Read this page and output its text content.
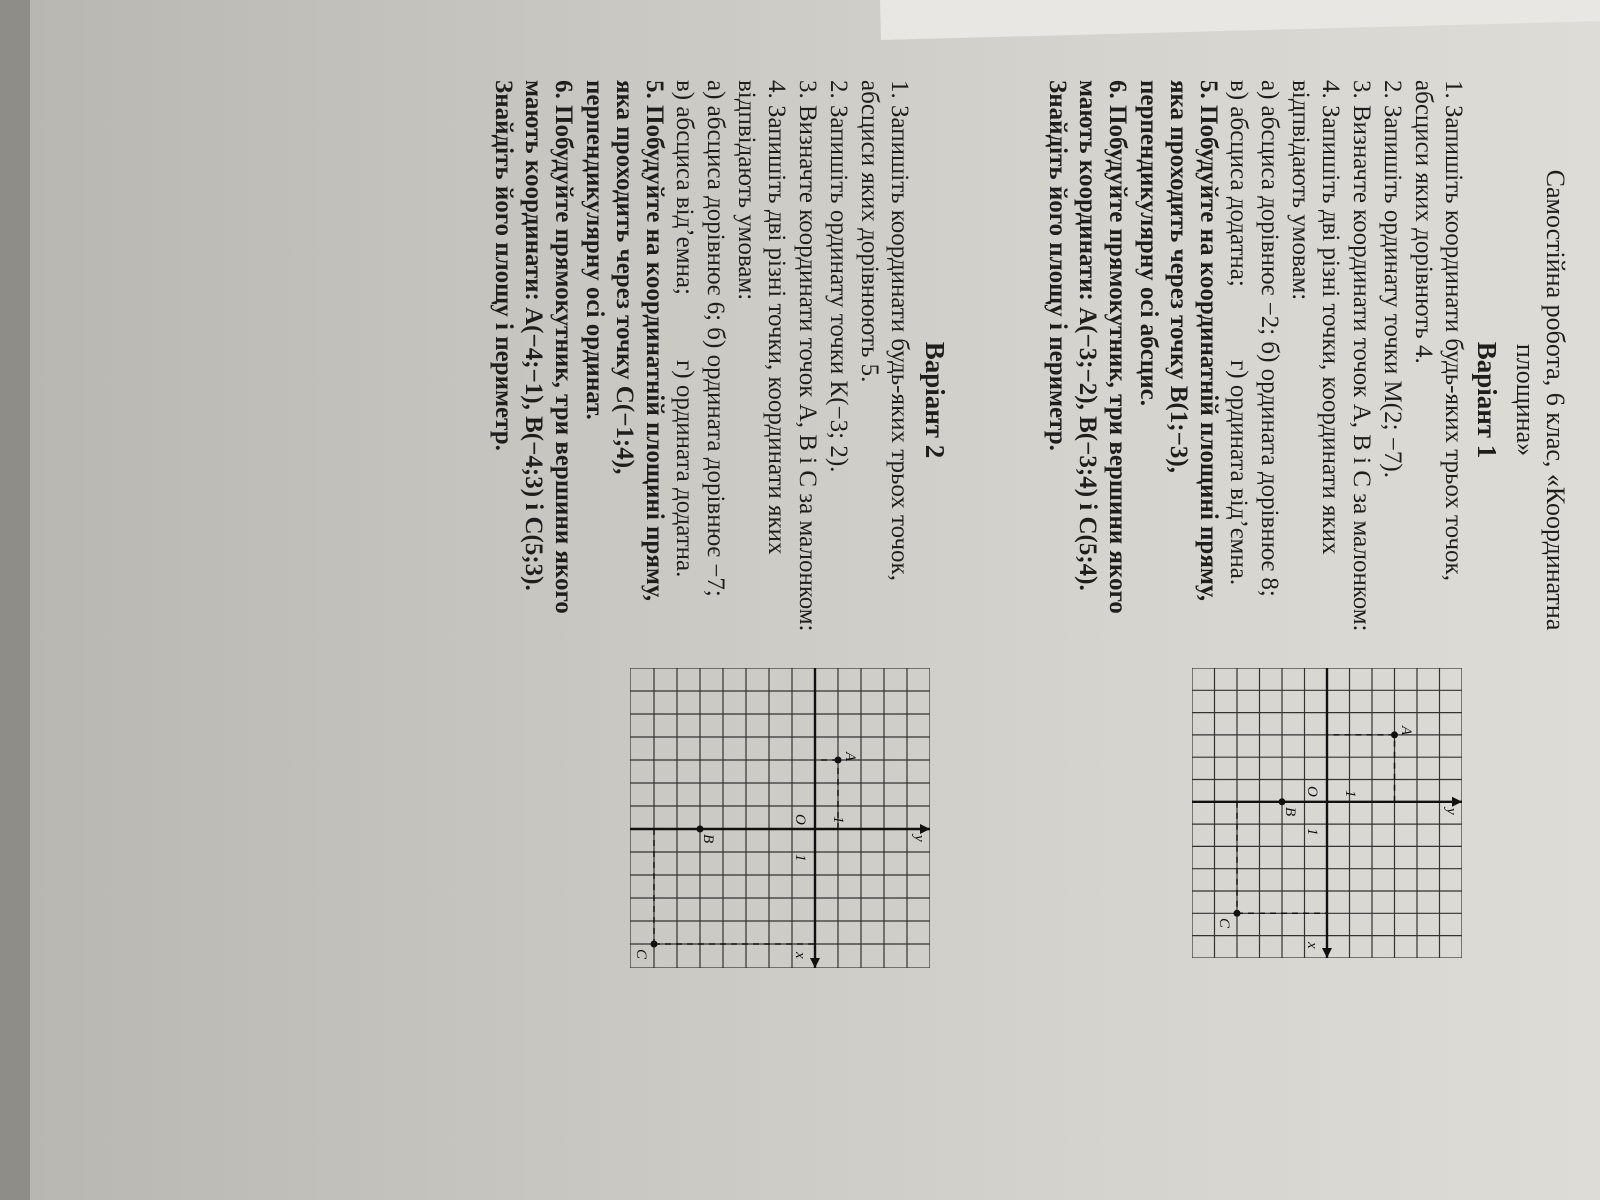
Самостійна робота, 6 клас, «Координатна площина»
Варіант 1

1. Запишіть координати будь-яких трьох точок, абсциси яких дорівнють 4.

2. Запишіть ординату точки М(2; −7).

3. Визначте координати точок А, В і С за малонком:

4. Запишіть дві різні точки, координати яких відпвідають умовам:

а) абсциса дорівнює −2; б) ордината дорівнює 8;

в) абсциса додатна;
г) ордината від’ємна.

5. Побудуйте на координатній площині пряму, яка проходить через точку В(1;−3), перпендикулярну осі абсцис.

6. Побудуйте прямокутник, три вершини якого мають координати: А(−3;−2), В(−3;4) і С(5;4). Знайдіть його площу і периметр.

x
y
O
1
1
A
B
C
Варіант 2

1. Запишіть координати будь-яких трьох точок, абсциси яких дорівнюють 5.

2. Запишіть ординату точки К(−3; 2).

3. Визначте координати точок А, В і С за малонком:

4. Запишіть дві різні точки, координати яких відпвідають умовам:

а) абсциса дорівнює 6; б) ордината дорівнює −7;

в) абсциса від’емна;
г) ордината додатна.

5. Побудуйте на координатній площині пряму, яка проходить через точку С(−1;4), перпендикулярну осі ординат.

6. Побудуйте прямокутник, три вершини якого мають координати: А(−4;−1), В(−4;3) і С(5;3). Знайдіть його площу і периметр.

x
y
O
1
1
A
B
C
